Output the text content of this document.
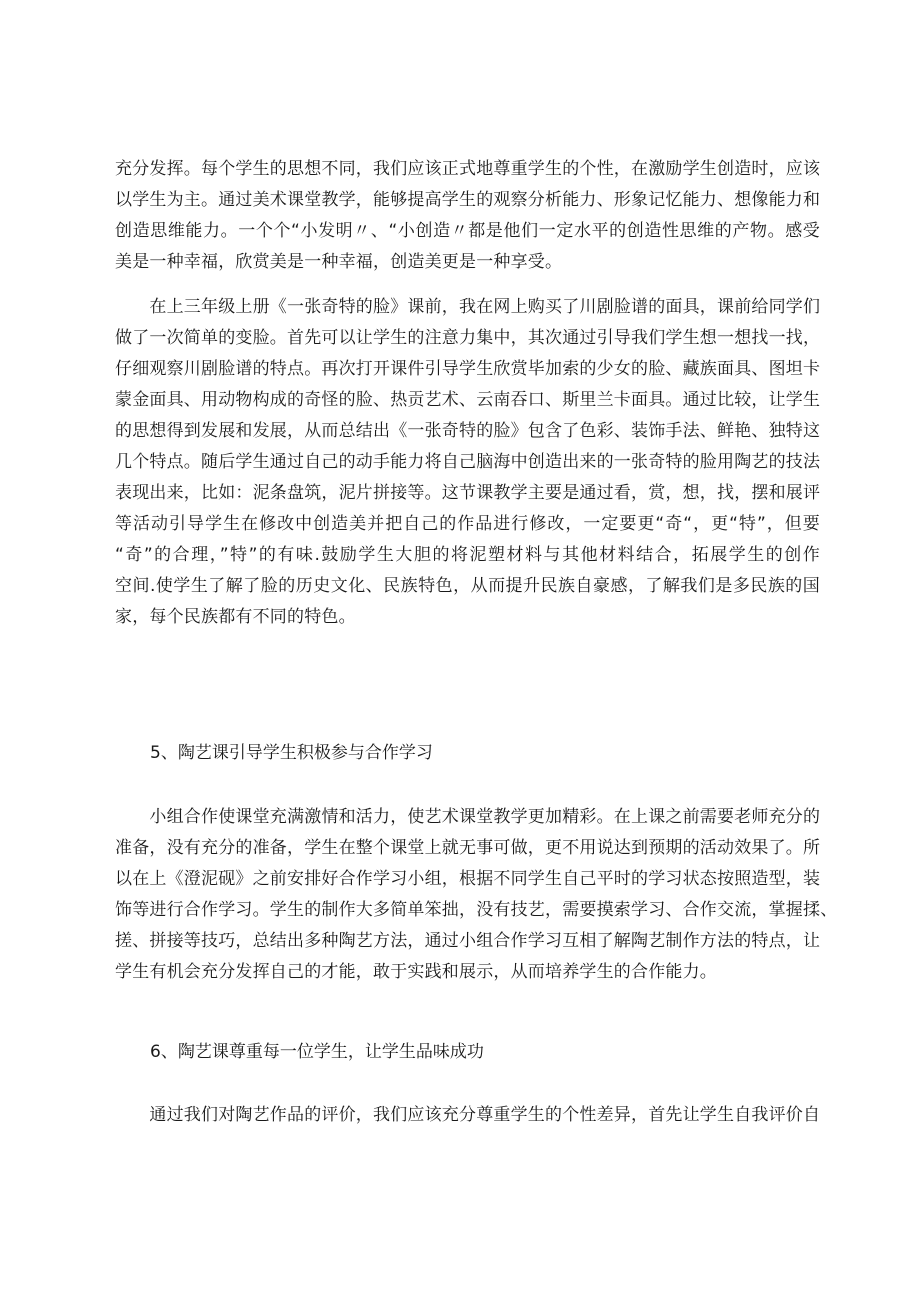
充分发挥。每个学生的思想不同，我们应该正式地尊重学生的个性，在激励学生创造时，应该
以学生为主。通过美术课堂教学，能够提高学生的观察分析能力、形象记忆能力、想像能力和
创造思维能力。一个个“小发明〃、“小创造〃都是他们一定水平的创造性思维的产物。感受
美是一种幸福，欣赏美是一种幸福，创造美更是一种享受。
　　在上三年级上册《一张奇特的脸》课前，我在网上购买了川剧脸谱的面具，课前给同学们
做了一次简单的变脸。首先可以让学生的注意力集中，其次通过引导我们学生想一想找一找，
仔细观察川剧脸谱的特点。再次打开课件引导学生欣赏毕加索的少女的脸、藏族面具、图坦卡
蒙金面具、用动物构成的奇怪的脸、热贡艺术、云南吞口、斯里兰卡面具。通过比较，让学生
的思想得到发展和发展，从而总结出《一张奇特的脸》包含了色彩、装饰手法、鲜艳、独特这
几个特点。随后学生通过自己的动手能力将自己脑海中创造出来的一张奇特的脸用陶艺的技法
表现出来，比如：泥条盘筑，泥片拼接等。这节课教学主要是通过看，赏，想，找，摆和展评
等活动引导学生在修改中创造美并把自己的作品进行修改，一定要更“奇“，更“特”，但要
“奇”的合理，”特”的有味.鼓励学生大胆的将泥塑材料与其他材料结合，拓展学生的创作
空间.使学生了解了脸的历史文化、民族特色，从而提升民族自豪感，了解我们是多民族的国
家，每个民族都有不同的特色。

5、陶艺课引导学生积极参与合作学习

　　小组合作使课堂充满激情和活力，使艺术课堂教学更加精彩。在上课之前需要老师充分的
准备，没有充分的准备，学生在整个课堂上就无事可做，更不用说达到预期的活动效果了。所
以在上《澄泥砚》之前安排好合作学习小组，根据不同学生自己平时的学习状态按照造型，装
饰等进行合作学习。学生的制作大多简单笨拙，没有技艺，需要摸索学习、合作交流，掌握揉、
搓、拼接等技巧，总结出多种陶艺方法，通过小组合作学习互相了解陶艺制作方法的特点，让
学生有机会充分发挥自己的才能，敢于实践和展示，从而培养学生的合作能力。

6、陶艺课尊重每一位学生，让学生品味成功

　　通过我们对陶艺作品的评价，我们应该充分尊重学生的个性差异，首先让学生自我评价自
